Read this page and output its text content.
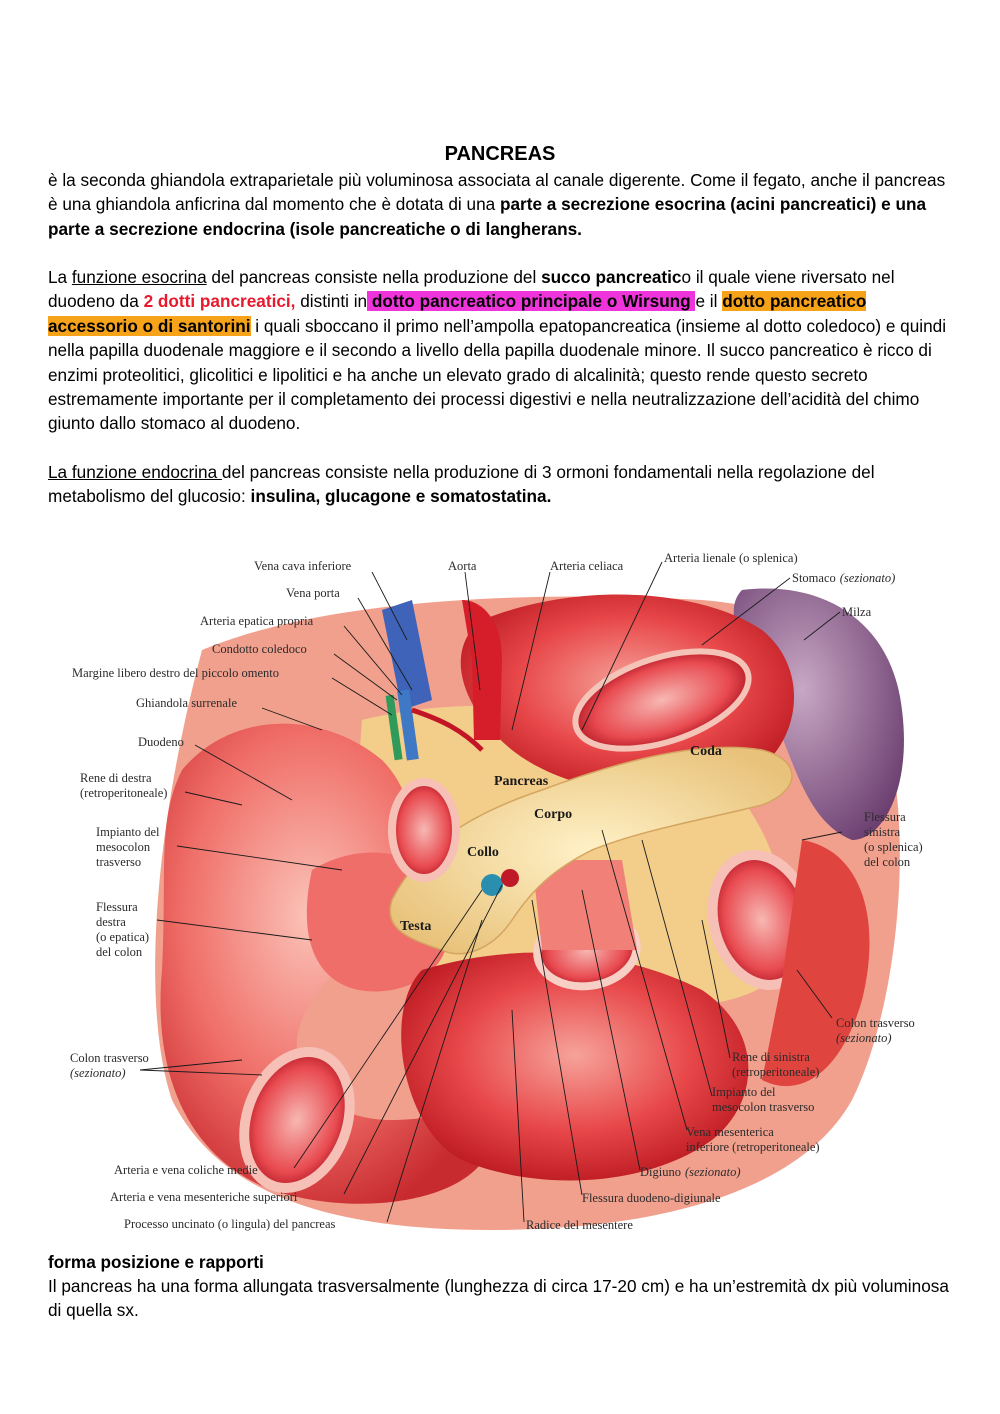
PANCREAS

è la seconda ghiandola extraparietale più voluminosa associata al canale digerente. Come il fegato, anche il pancreas è una ghiandola anficrina dal momento che è dotata di una parte a secrezione esocrina (acini pancreatici) e una parte a secrezione endocrina (isole pancreatiche o di langherans.

La funzione esocrina del pancreas consiste nella produzione del succo pancreatico il quale viene riversato nel duodeno da 2 dotti pancreatici, distinti in dotto pancreatico principale o Wirsung e il dotto pancreatico accessorio o di santorini i quali sboccano il primo nell’ampolla epatopancreatica (insieme al dotto coledoco) e quindi nella papilla duodenale maggiore e il secondo a livello della papilla duodenale minore. Il succo pancreatico è ricco di enzimi proteolitici, glicolitici e lipolitici e ha anche un elevato grado di alcalinità; questo rende questo secreto estremamente importante per il completamento dei processi digestivi e nella neutralizzazione dell’acidità del chimo giunto dallo stomaco al duodeno.

La funzione endocrina del pancreas consiste nella produzione di 3 ormoni fondamentali nella regolazione del metabolismo del glucosio: insulina, glucagone e somatostatina.

Vena cava inferiore	Aorta	Arteria celiaca
Arteria lienale (o splenica)
Stomaco (sezionato)
Milza
Vena porta
Arteria epatica propria
Condotto coledoco
Margine libero destro del piccolo omento
Ghiandola surrenale
Duodeno
Rene di destra
(retroperitoneale)
Impianto del
mesocolon
trasverso
Flessura
destra
(o epatica)
del colon
Colon trasverso
(sezionato)
Coda
Pancreas
Corpo
Collo
Testa
Flessura
sinistra
(o splenica)
del colon
Colon trasverso
(sezionato)
Rene di sinistra
(retroperitoneale)
Impianto del
mesocolon trasverso
Vena mesenterica
inferiore (retroperitoneale)
Digiuno (sezionato)
Flessura duodeno-digiunale
Arteria e vena coliche medie
Arteria e vena mesenteriche superiori
Processo uncinato (o lingula) del pancreas	Radice del mesentere

forma posizione e rapporti

Il pancreas ha una forma allungata trasversalmente (lunghezza di circa 17-20 cm) e ha un’estremità dx più voluminosa di quella sx.
